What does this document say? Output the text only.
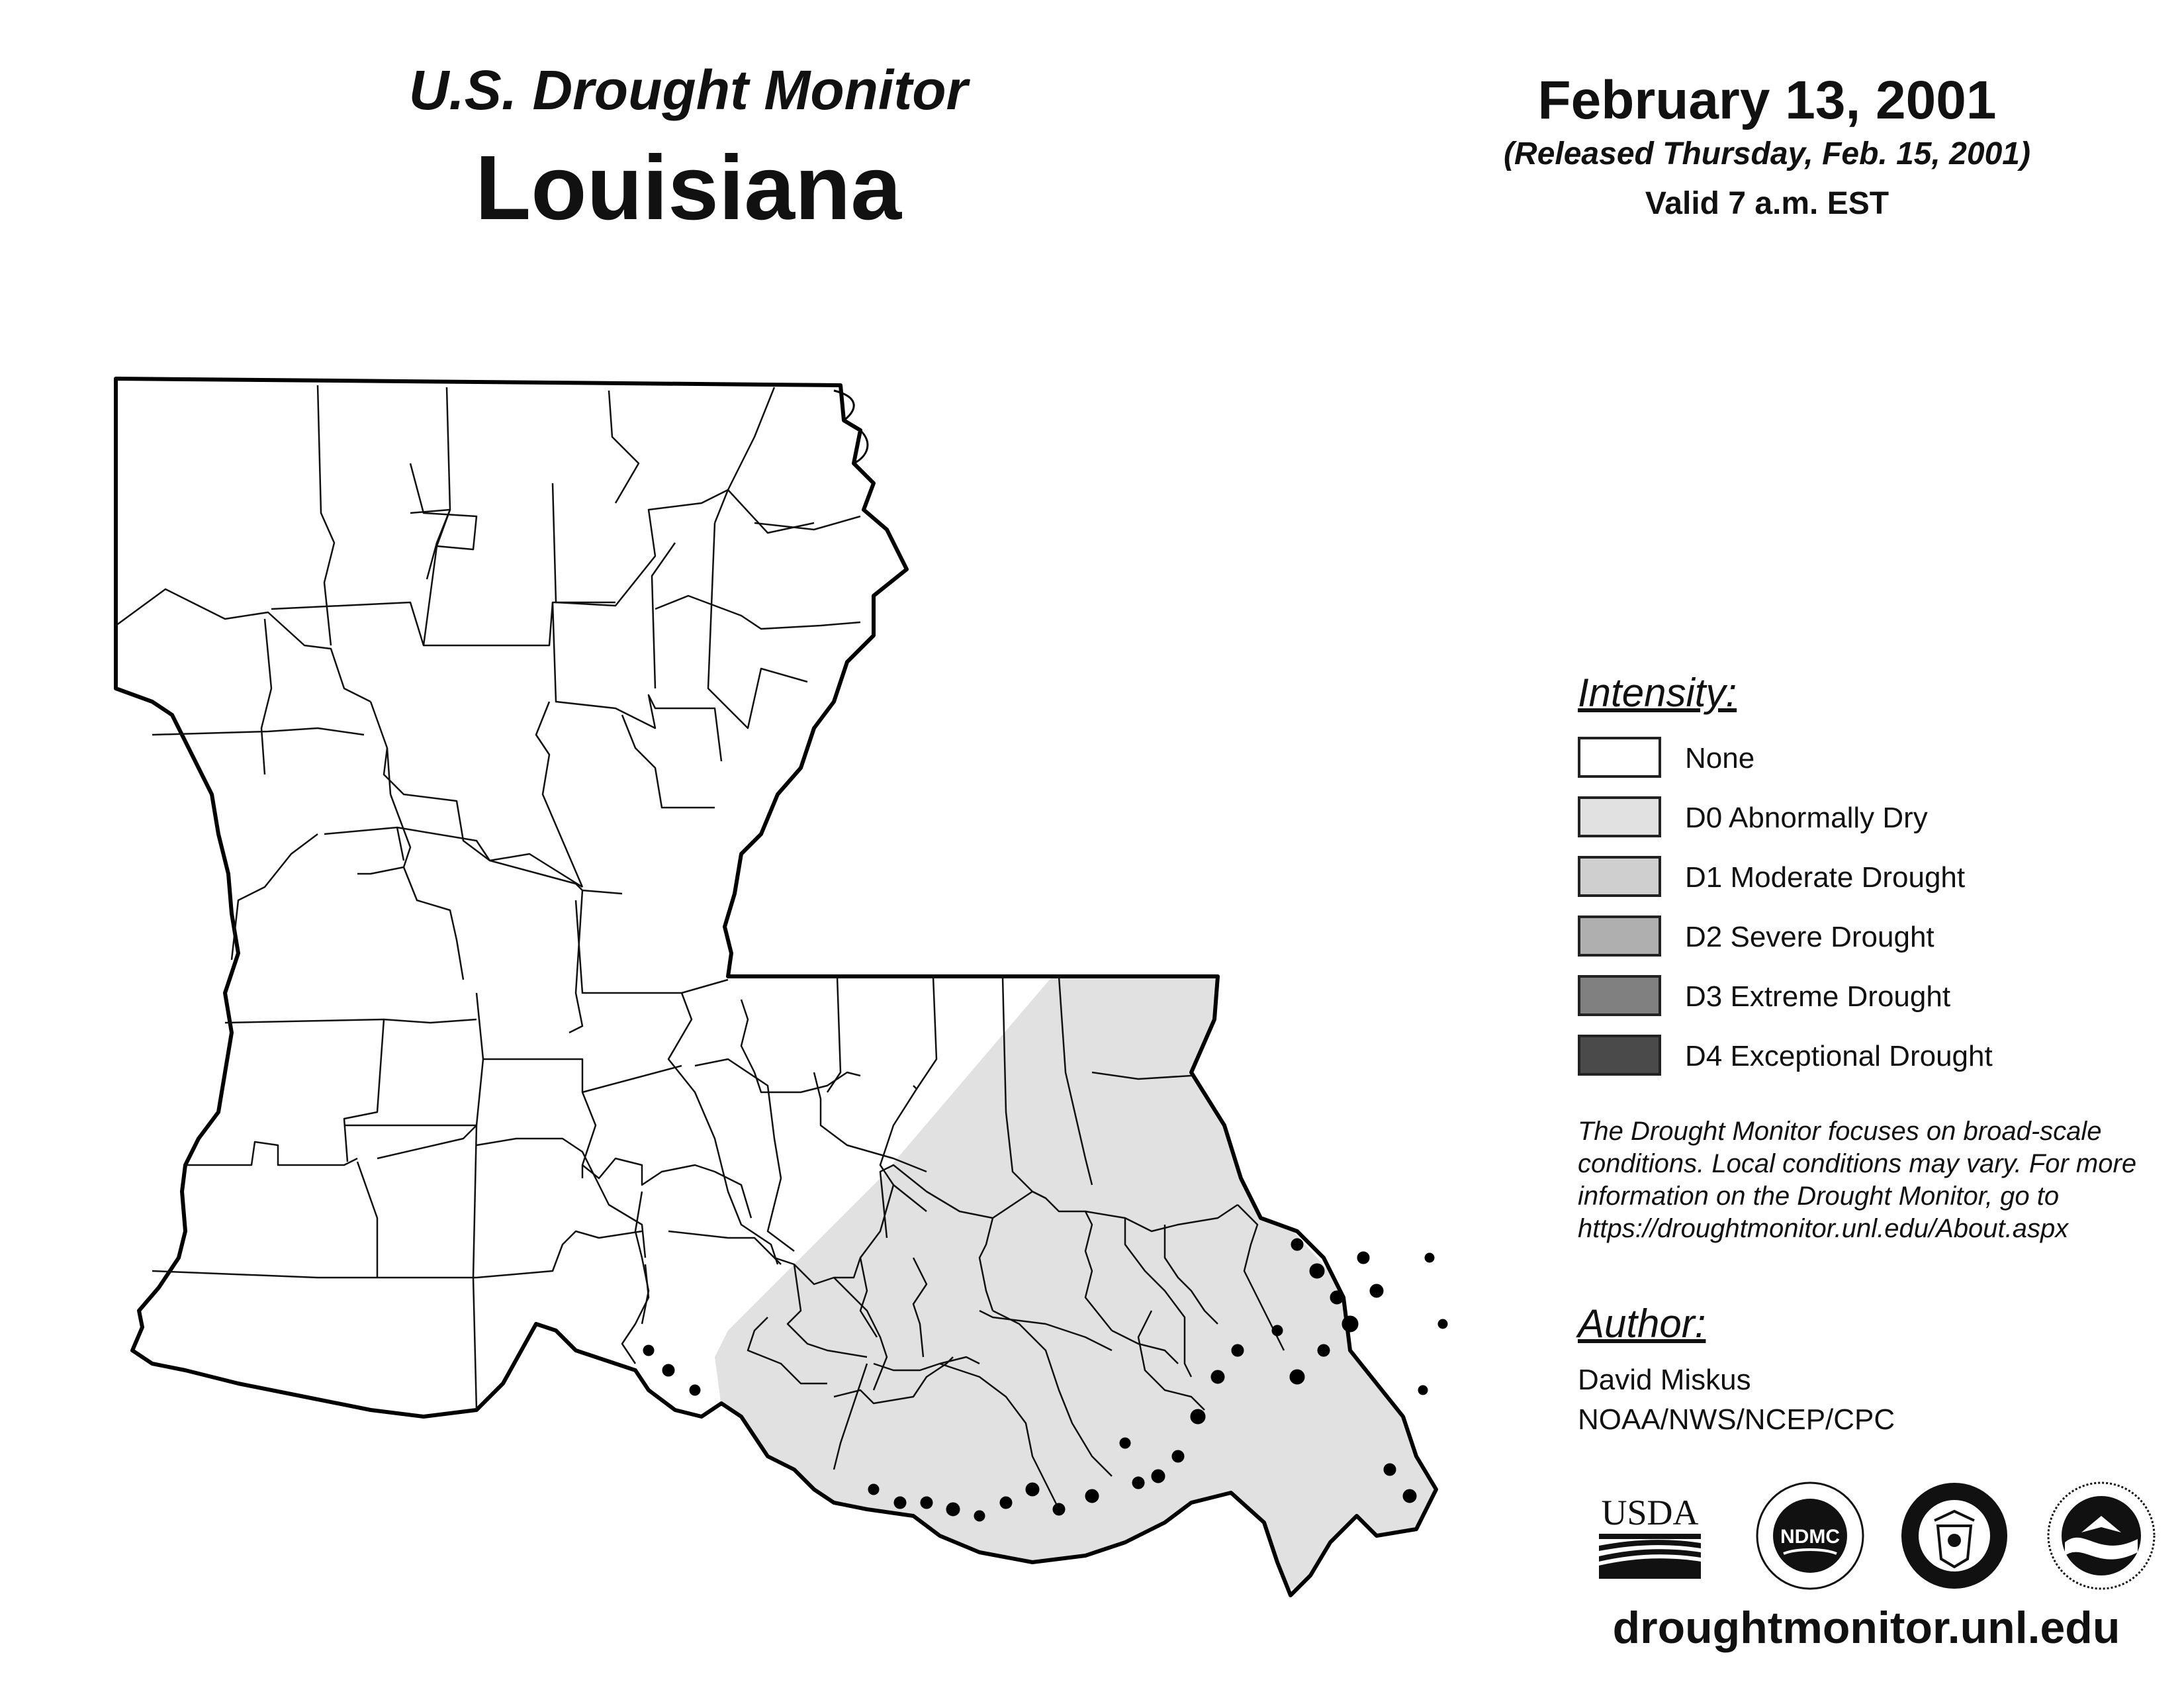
U.S. Drought Monitor
Louisiana
February 13, 2001
(Released Thursday, Feb. 15, 2001)
Valid 7 a.m. EST
Intensity:
None
D0 Abnormally Dry
D1 Moderate Drought
D2 Severe Drought
D3 Extreme Drought
D4 Exceptional Drought
The Drought Monitor focuses on broad-scale
conditions. Local conditions may vary. For more
information on the Drought Monitor, go to
https://droughtmonitor.unl.edu/About.aspx
Author:
David Miskus
NOAA/NWS/NCEP/CPC
USDA
NDMC
droughtmonitor.unl.edu
